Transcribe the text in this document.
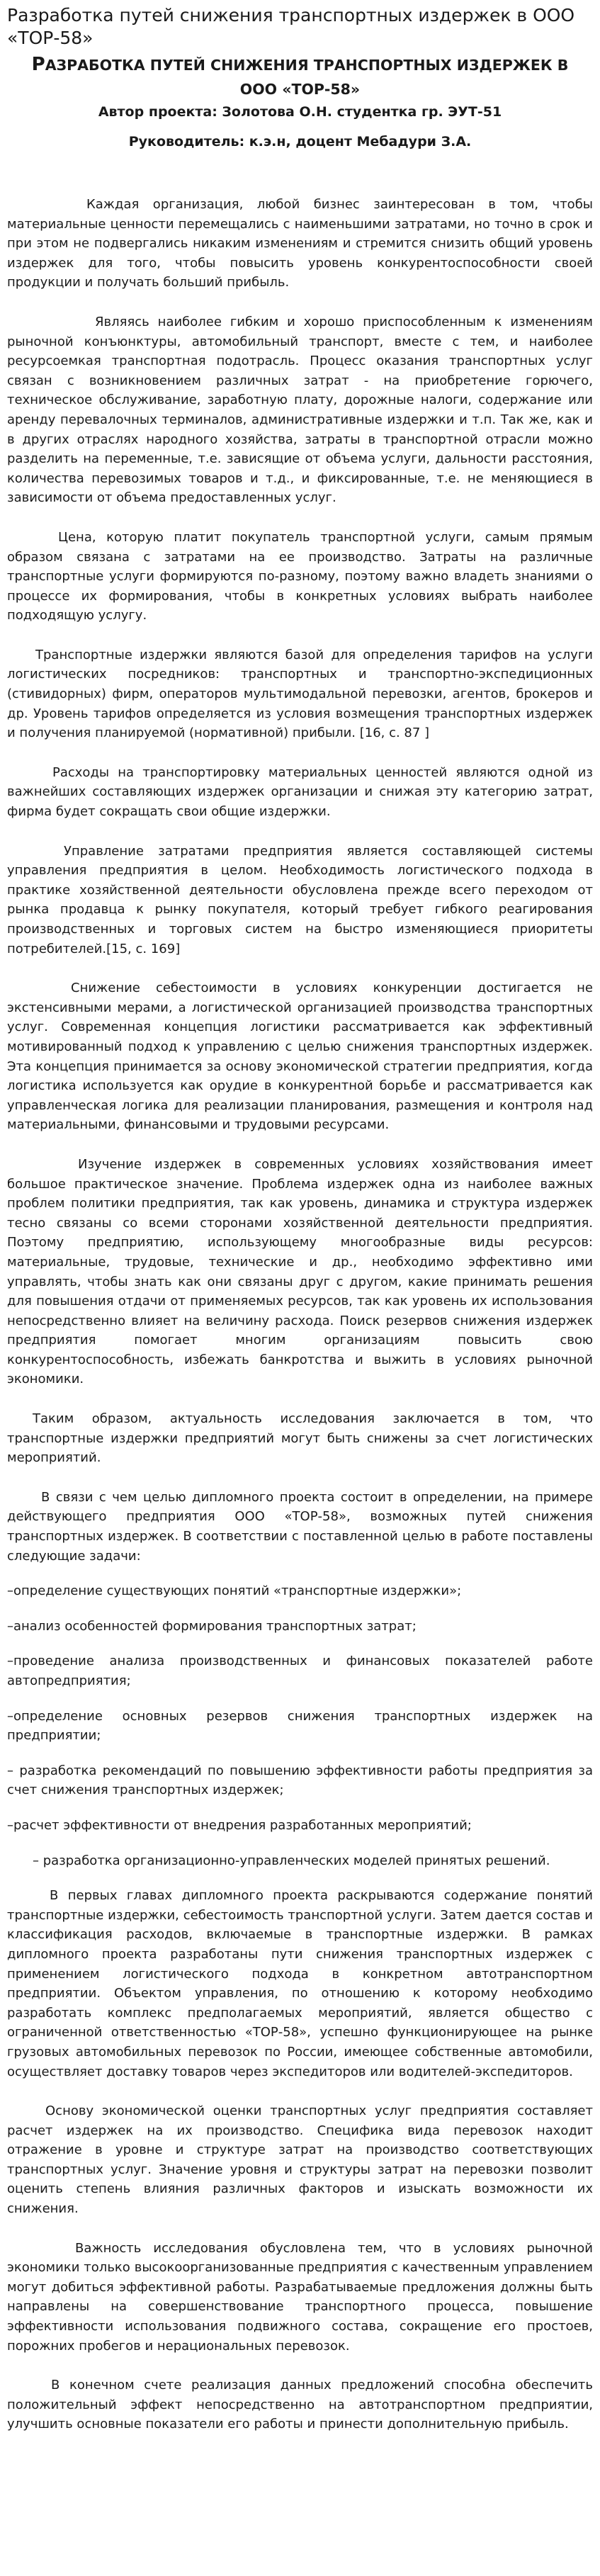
Разработка путей снижения транспортных издержек в ООО «ТОР-58»
РАЗРАБОТКА ПУТЕЙ СНИЖЕНИЯ ТРАНСПОРТНЫХ ИЗДЕРЖЕК В ООО «ТОР-58»

Автор проекта: Золотова О.Н. студентка гр. ЭУТ-51

Руководитель: к.э.н, доцент Мебадури З.А.

Каждая организация, любой бизнес заинтересован в том, чтобы материальные ценности перемещались с наименьшими затратами, но точно в срок и при этом не подвергались никаким изменениям и стремится снизить общий уровень издержек для того, чтобы повысить уровень конкурентоспособности своей продукции и получать больший прибыль.

Являясь наиболее гибким и хорошо приспособленным к изменениям рыночной конъюнктуры, автомобильный транспорт, вместе с тем, и наиболее ресурсоемкая транспортная подотрасль. Процесс оказания транспортных услуг связан с возникновением различных затрат - на приобретение горючего, техническое обслуживание, заработную плату, дорожные налоги, содержание или аренду перевалочных терминалов, административные издержки и т.п. Так же, как и в других отраслях народного хозяйства, затраты в транспортной отрасли можно разделить на переменные, т.е. зависящие от объема услуги, дальности расстояния, количества перевозимых товаров и т.д., и фиксированные, т.е. не меняющиеся в зависимости от объема предоставленных услуг.

Цена, которую платит покупатель транспортной услуги, самым прямым образом связана с затратами на ее производство. Затраты на различные транспортные услуги формируются по-разному, поэтому важно владеть знаниями о процессе их формирования, чтобы в конкретных условиях выбрать наиболее подходящую услугу.

Транспортные издержки являются базой для определения тарифов на услуги логистических посредников: транспортных и транспортно-экспедиционных (стивидорных) фирм, операторов мультимодальной перевозки, агентов, брокеров и др. Уровень тарифов определяется из условия возмещения транспортных издержек и получения планируемой (нормативной) прибыли. [16, с. 87 ]

Расходы на транспортировку материальных ценностей являются одной из важнейших составляющих издержек организации и снижая эту категорию затрат, фирма будет сокращать свои общие издержки.

Управление затратами предприятия является составляющей системы управления предприятия в целом. Необходимость логистического подхода в практике хозяйственной деятельности обусловлена прежде всего переходом от рынка продавца к рынку покупателя, который требует гибкого реагирования производственных и торговых систем на быстро изменяющиеся приоритеты потребителей.[15, с. 169]

Снижение себестоимости в условиях конкуренции достигается не экстенсивными мерами, а логистической организацией производства транспортных услуг. Современная концепция логистики рассматривается как эффективный мотивированный подход к управлению с целью снижения транспортных издержек. Эта концепция принимается за основу экономической стратегии предприятия, когда логистика используется как орудие в конкурентной борьбе и рассматривается как управленческая логика для реализации планирования, размещения и контроля над материальными, финансовыми и трудовыми ресурсами.

Изучение издержек в современных условиях хозяйствования имеет большое практическое значение. Проблема издержек одна из наиболее важных проблем политики предприятия, так как уровень, динамика и структура издержек тесно связаны со всеми сторонами хозяйственной деятельности предприятия. Поэтому предприятию, использующему многообразные виды ресурсов: материальные, трудовые, технические и др., необходимо эффективно ими управлять, чтобы знать как они связаны друг с другом, какие принимать решения для повышения отдачи от применяемых ресурсов, так как уровень их использования непосредственно влияет на величину расхода. Поиск резервов снижения издержек предприятия помогает многим организациям повысить свою конкурентоспособность, избежать банкротства и выжить в условиях рыночной экономики.

Таким образом, актуальность исследования заключается в том, что транспортные издержки предприятий могут быть снижены за счет логистических мероприятий.

В связи с чем целью дипломного проекта состоит в определении, на примере действующего предприятия ООО «ТОР-58», возможных путей снижения транспортных издержек. В соответствии с поставленной целью в работе поставлены следующие задачи:

–определение существующих понятий «транспортные издержки»;

–анализ особенностей формирования транспортных затрат;

–проведение анализа производственных и финансовых показателей работе автопредприятия;

–определение основных резервов снижения транспортных издержек на предприятии;

– разработка рекомендаций по повышению эффективности работы предприятия за счет снижения транспортных издержек;

–расчет эффективности от внедрения разработанных мероприятий;

– разработка организационно-управленческих моделей принятых решений.

В первых главах дипломного проекта раскрываются содержание понятий транспортные издержки, себестоимость транспортной услуги. Затем дается состав и классификация расходов, включаемые в транспортные издержки. В рамках дипломного проекта разработаны пути снижения транспортных издержек с применением логистического подхода в конкретном автотранспортном предприятии. Объектом управления, по отношению к которому необходимо разработать комплекс предполагаемых мероприятий, является общество с ограниченной ответственностью «ТОР-58», успешно функционирующее на рынке грузовых автомобильных перевозок по России, имеющее собственные автомобили, осуществляет доставку товаров через экспедиторов или водителей-экспедиторов.

Основу экономической оценки транспортных услуг предприятия составляет расчет издержек на их производство. Специфика вида перевозок находит отражение в уровне и структуре затрат на производство соответствующих транспортных услуг. Значение уровня и структуры затрат на перевозки позволит оценить степень влияния различных факторов и изыскать возможности их снижения.

Важность исследования обусловлена тем, что в условиях рыночной экономики только высокоорганизованные предприятия с качественным управлением могут добиться эффективной работы. Разрабатываемые предложения должны быть направлены на совершенствование транспортного процесса, повышение эффективности использования подвижного состава, сокращение его простоев, порожних пробегов и нерациональных перевозок.

В конечном счете реализация данных предложений способна обеспечить положительный эффект непосредственно на автотранспортном предприятии, улучшить основные показатели его работы и принести дополнительную прибыль.
